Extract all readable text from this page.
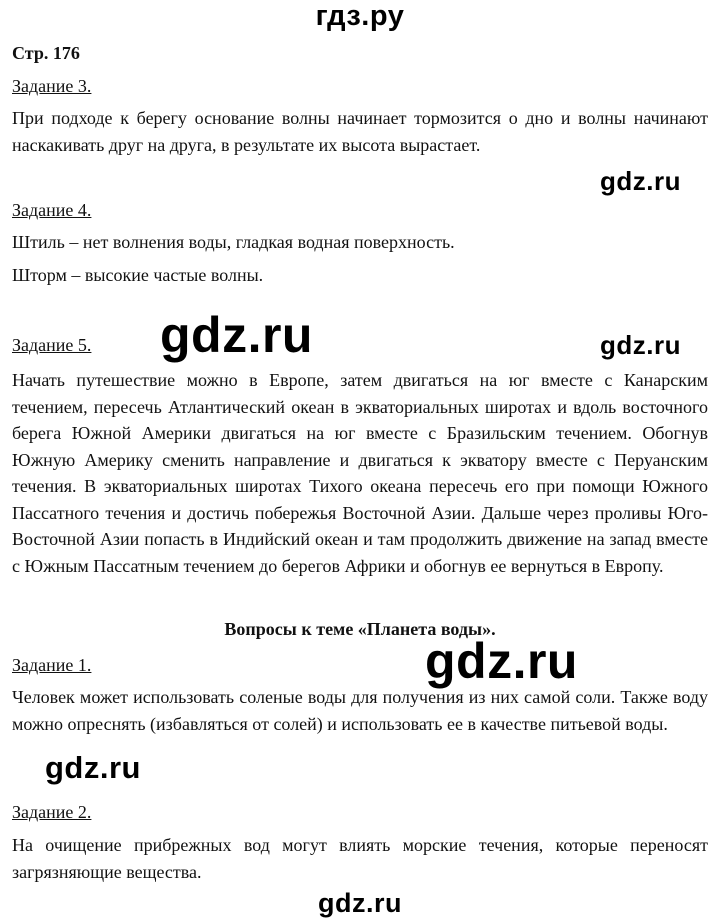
гдз.ру
Стр. 176
Задание 3.
При подходе к берегу основание волны начинает тормозится о дно и волны начинают наскакивать друг на друга, в результате их высота вырастает.
gdz.ru
Задание 4.
Штиль – нет волнения воды, гладкая водная поверхность.
Шторм – высокие частые волны.
Задание 5.	gdz.ru	gdz.ru
Начать путешествие можно в Европе, затем двигаться на юг вместе с Канарским течением, пересечь Атлантический океан в экваториальных широтах и вдоль восточного берега Южной Америки двигаться на юг вместе с Бразильским течением. Обогнув Южную Америку сменить направление и двигаться к экватору вместе с Перуанским течения. В экваториальных широтах Тихого океана пересечь его при помощи Южного Пассатного течения и достичь побережья Восточной Азии. Дальше через проливы Юго-Восточной Азии попасть в Индийский океан и там продолжить движение на запад вместе с Южным Пассатным течением до берегов Африки и обогнув ее вернуться в Европу.
Вопросы к теме «Планета воды».
Задание 1.	gdz.ru
Человек может использовать соленые воды для получения из них самой соли. Также воду можно опреснять (избавляться от солей) и использовать ее в качестве питьевой воды.
gdz.ru
Задание 2.
На очищение прибрежных вод могут влиять морские течения, которые переносят загрязняющие вещества.
gdz.ru
